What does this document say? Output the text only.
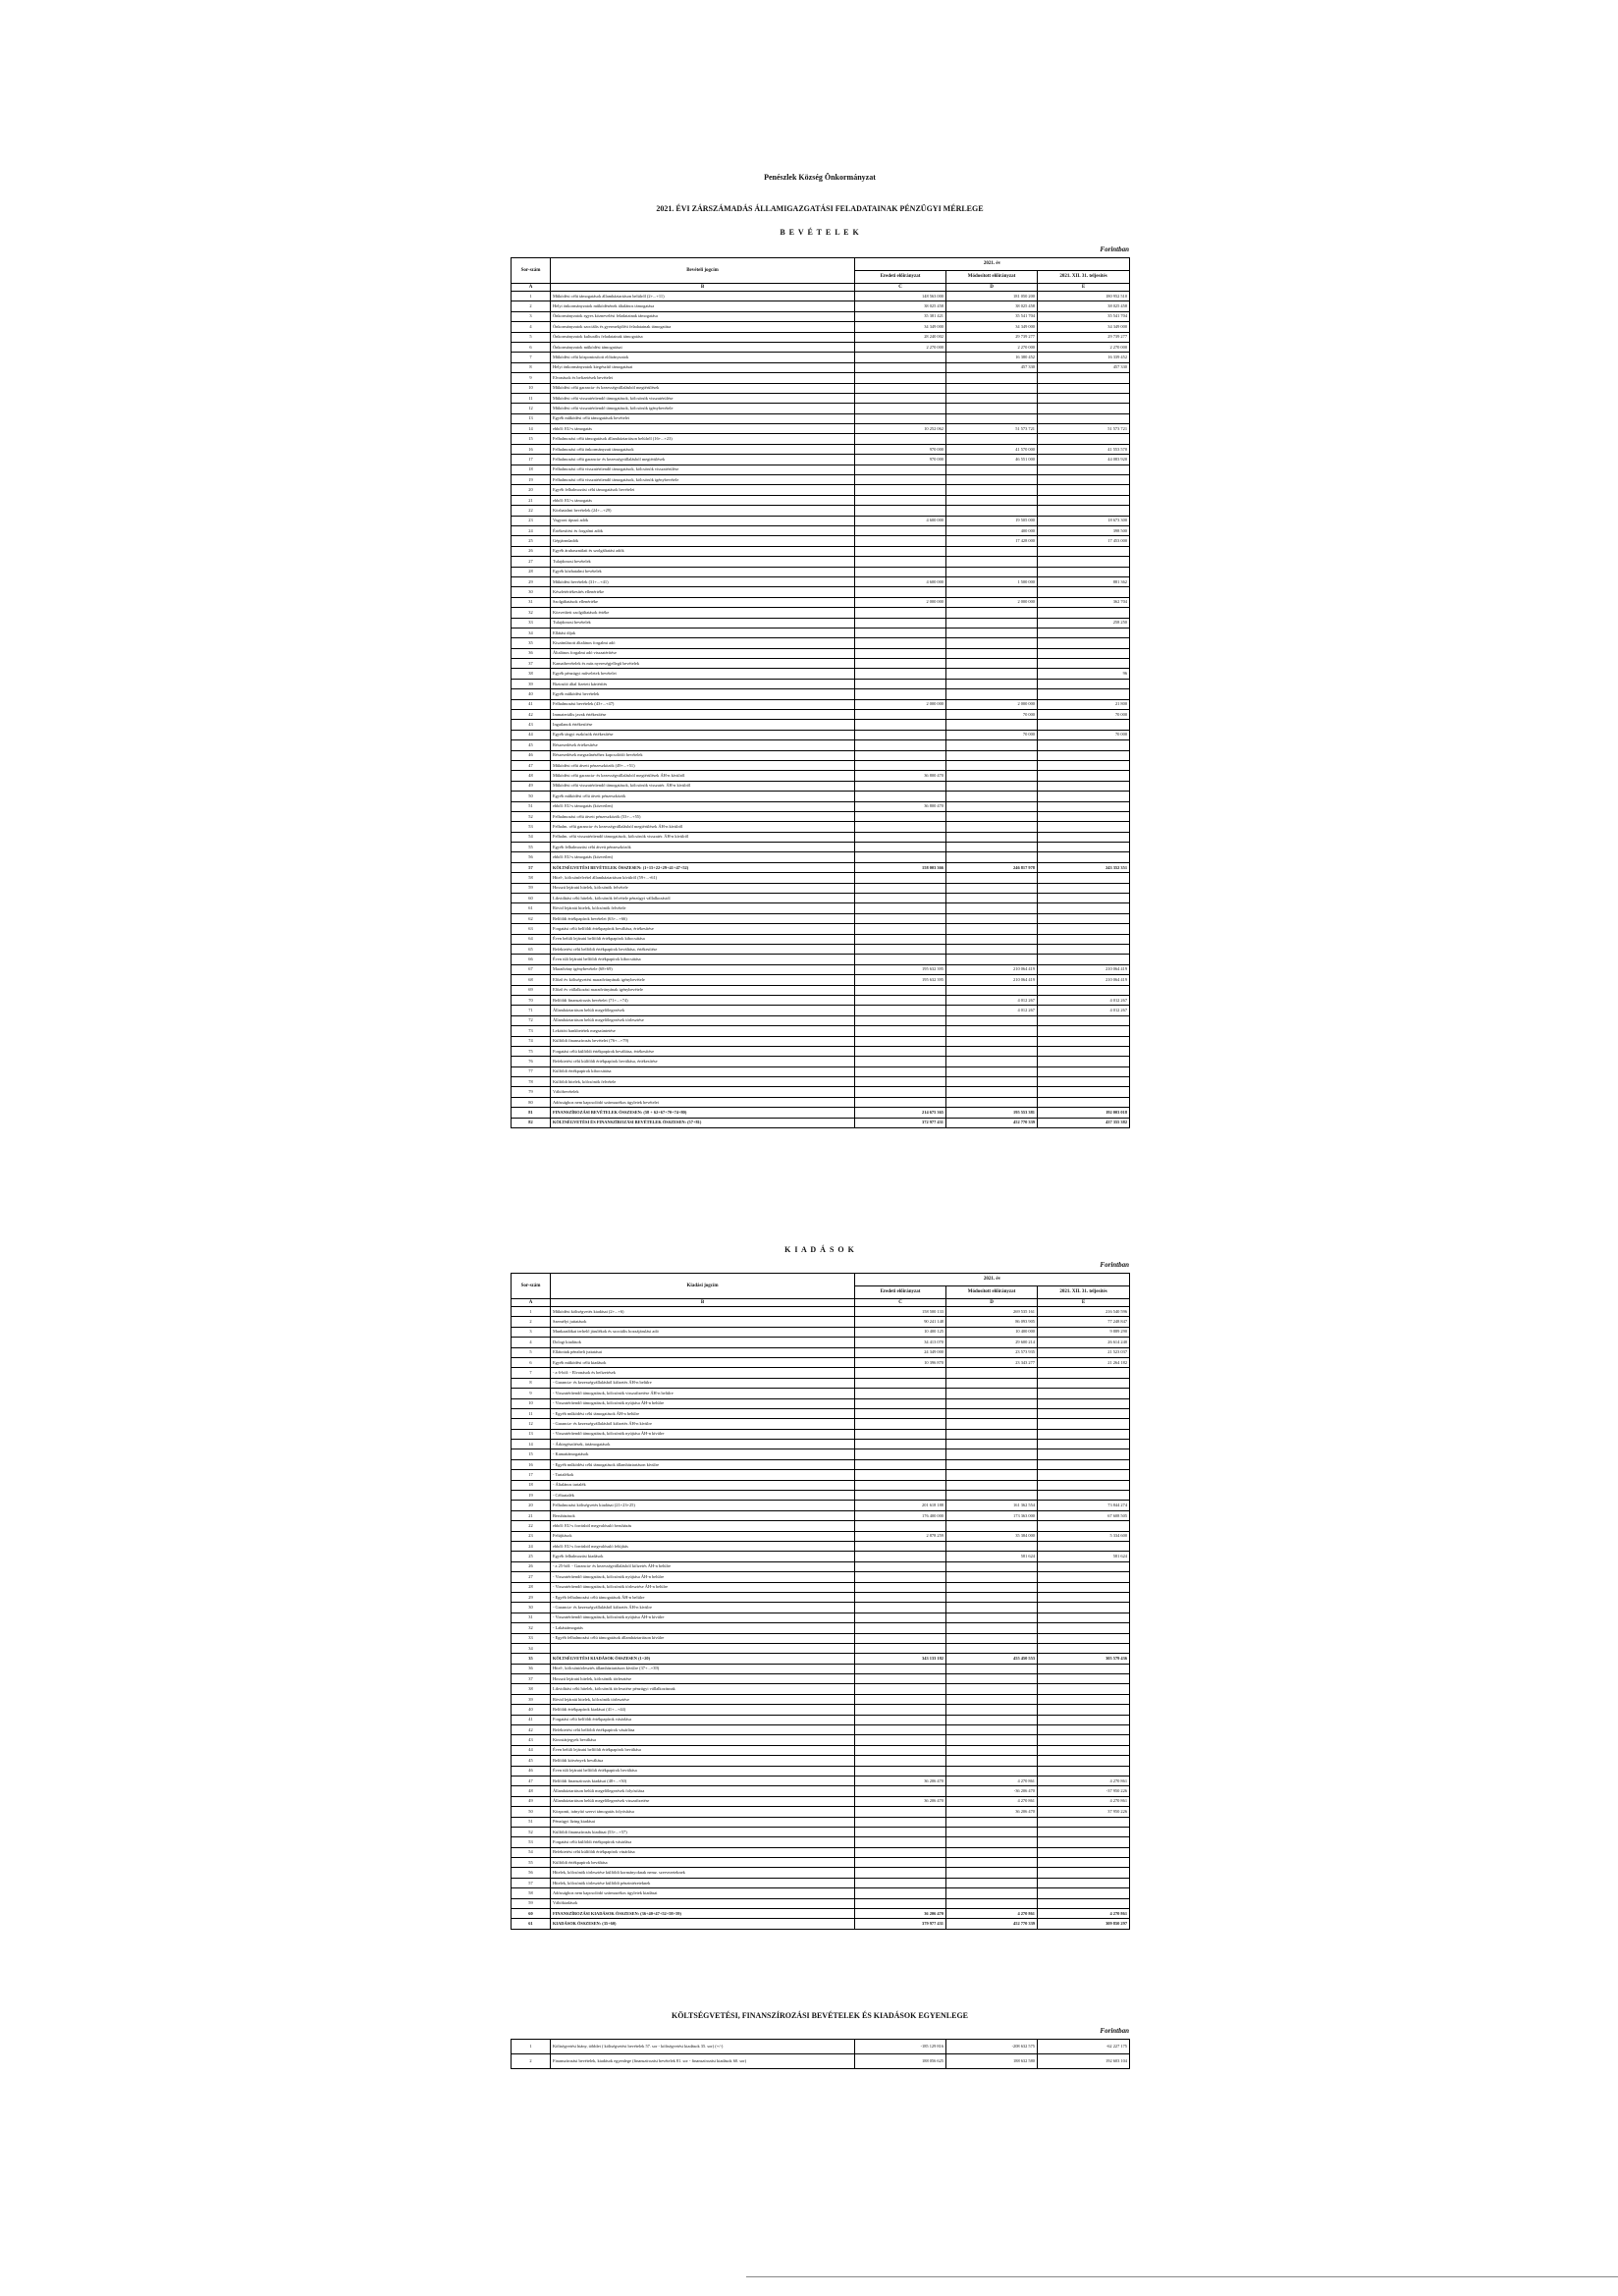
Penészlek Község Önkormányzat
2021. ÉVI ZÁRSZÁMADÁS ÁLLAMIGAZGATÁSI FELADATAINAK PÉNZÜGYI MÉRLEGE
B E V É T E L E K
Forintban
Sor-szám	Bevételi jogcím	2021. év		
		Eredeti előirányzat	Módosított előirányzat	2021. XII. 31. teljesítés
A	B	C	D	E
1	Működési célú támogatások államháztartáson belülről (2+...+11)	148 563 000	181 050 200	180 952 510
2	Helyi önkormányzatok működésének általános támogatása	38 025 458	38 025 458	38 025 458
3	Önkormányzatok egyes köznevelési feladatainak támogatása	35 381 421	35 541 704	35 541 704
4	Önkormányzatok szociális és gyermekjóléti feladatainak támogatása	34 349 000	34 349 000	34 349 000
5	Önkormányzatok kulturális feladatainak támogatása	28 240 002	29 739 277	29 739 277
6	Önkormányzatok működési támogatásai	2 270 000	2 270 000	2 270 000
7	Működési célú központosított előirányzatok		16 380 452	16 339 452
8	Helyi önkormányzatok kiegészítő támogatásai		457 330	457 330
9	Elvonások és befizetések bevételei			
10	Működési célú garancia- és kezességvállalásból megtérülések			
11	Működési célú visszatérítendő támogatások, kölcsönök visszatérülése			
12	Működési célú visszatérítendő támogatások, kölcsönök igénybevétele			
13	Egyéb működési célú támogatások bevételei			
14	ebből: EU-s támogatás	10 252 062	51 573 721	51 573 721
15	Felhalmozási célú támogatások államháztartáson belülről (16+...+23)			
16	Felhalmozási célú önkormányzati támogatások	970 000	41 570 000	41 553 570
17	Felhalmozási célú garancia- és kezességvállalásból megtérülések	970 000	46 551 000	44 083 920
18	Felhalmozási célú visszatérítendő támogatások, kölcsönök visszatérülése			
19	Felhalmozási célú visszatérítendő támogatások, kölcsönök igénybevétele			
20	Egyéb felhalmozási célú támogatások bevételei			
21	ebből: EU-s támogatás			
22	Közhatalmi bevételek (24+...+29)			
23	Vagyoni típusú adók	4 600 000	19 505 000	18 673 300
24	Értékesítési és forgalmi adók		400 000	398 500
25	Gépjárműadók		17 428 000	17 453 000
26	Egyéb áruhasználati és szolgáltatási adók			
27	Tulajdonosi bevételek			
28	Egyéb közhatalmi bevételek			
29	Működési bevételek (31+...+41)	4 600 000	1 500 000	881 362
30	Készletértékesítés ellenértéke			
31	Szolgáltatások ellenértéke	2 000 000	2 000 000	362 704
32	Közvetített szolgáltatások értéke			
33	Tulajdonosi bevételek			258 250
34	Ellátási díjak			
35	Kiszámlázott általános forgalmi adó			
36	Általános forgalmi adó visszatérítése			
37	Kamatbevételek és más nyereségjellegű bevételek			
38	Egyéb pénzügyi műveletek bevételei			96
39	Biztosító által fizetett kártérítés			
40	Egyéb működési bevételek			
41	Felhalmozási bevételek (43+...+47)	2 000 000	2 000 000	21 800
42	Immateriális javak értékesítése		70 000	70 000
43	Ingatlanok értékesítése			
44	Egyéb tárgyi eszközök értékesítése		70 000	70 000
45	Részesedések értékesítése			
46	Részesedések megszűnéséhez kapcsolódó bevételek			
47	Működési célú átvett pénzeszközök (49+...+51)			
48	Működési célú garancia- és kezességvállalásból megtérülések ÁH-n kívülről	36 800 470		
49	Működési célú visszatérítendő támogatások, kölcsönök visszatér. ÁH-n kívülről			
50	Egyéb működési célú átvett pénzeszközök			
51	ebből: EU-s támogatás (közvetlen)	36 800 470		
52	Felhalmozási célú átvett pénzeszközök (53+...+55)			
53	Felhalm. célú garancia- és kezességvállalásból megtérülések ÁH-n kívülről			
54	Felhalm. célú visszatérítendő támogatások, kölcsönök visszatér. ÁH-n kívülről			
55	Egyéb felhalmozási célú átvett pénzeszközök			
56	ebből: EU-s támogatás (közvetlen)			
57	KÖLTSÉGVETÉSI BEVÉTELEK ÖSSZESEN: (1+15+22+29+41+47+52)	158 003 366	246 817 978	243 352 351
58	Hitel-, kölcsönfelvétel államháztartáson kívülről (59+...+61)			
59	Hosszú lejáratú hitelek, kölcsönök felvétele			
60	Likviditási célú hitelek, kölcsönök felvétele pénzügyi vállalkozástól			
61	Rövid lejáratú hitelek, kölcsönök felvétele			
62	Belföldi értékpapírok bevételei (63+...+66)			
63	Forgatási célú belföldi értékpapírok beváltása, értékesítése			
64	Éven belüli lejáratú belföldi értékpapírok kibocsátása			
65	Befektetési célú belföldi értékpapírok beváltása, értékesítése			
66	Éven túli lejáratú belföldi értékpapírok kibocsátása			
67	Maradvány igénybevétele (68+69)	195 632 395	210 064 419	210 064 419
68	Előző év költségvetési maradványának igénybevétele	195 632 395	210 064 419	210 064 419
69	Előző év vállalkozási maradványának igénybevétele			
70	Belföldi finanszírozás bevételei (71+...+74)		4 012 267	4 012 267
71	Államháztartáson belüli megelőlegezések		4 012 267	4 012 267
72	Államháztartáson belüli megelőlegezések törlesztése			
73	Lekötött bankbetétek megszüntetése			
74	Külföldi finanszírozás bevételei (76+...+79)			
75	Forgatási célú külföldi értékpapírok beváltása, értékesítése			
76	Befektetési célú külföldi értékpapírok beváltása, értékesítése			
77	Külföldi értékpapírok kibocsátása			
78	Külföldi hitelek, kölcsönök felvétele			
79	Váltóbevételek			
80	Adóssághoz nem kapcsolódó származékos ügyletek bevételei			
81	FINANSZÍROZÁSI BEVÉTELEK ÖSSZESEN: (58 + 62+67+70+74+80)	214 675 365	195 553 381	192 003 018
82	KÖLTSÉGVETÉSI ÉS FINANSZÍROZÁSI BEVÉTELEK ÖSSZESEN: (57+81)	372 977 431	452 770 339	437 355 382
K I A D Á S O K
Forintban
Sor-szám	Kiadási jogcím	2021. év		
		Eredeti előirányzat	Módosított előirányzat	2021. XII. 31. teljesítés
A	B	C	D	E
1	Működési költségvetés kiadásai (2+...+6)	158 500 133	269 535 161	216 540 596
2	Személyi juttatások	90 241 148	86 093 905	77 248 847
3	Munkaadókat terhelő járulékok és szociális hozzájárulási adó	10 400 125	10 400 000	9 889 290
4	Dologi kiadások	34 413 070	29 600 214	26 614 240
5	Ellátottak pénzbeli juttatásai	24 349 000	23 573 935	21 523 037
6	Egyéb működési célú kiadások	10 396 870	23 343 277	21 264 182
7	- a 6-ból: - Elvonások és befizetések			
8	- Garancia- és kezességvállalásból kifizetés ÁH-n belülre			
9	- Visszatérítendő támogatások, kölcsönök visszafizetése ÁH-n belülre			
10	- Visszatérítendő támogatások, kölcsönök nyújtása ÁH-n belülre			
11	- Egyéb működési célú támogatások ÁH-n belülre			
12	- Garancia- és kezességvállalásból kifizetés ÁH-n kívülre			
13	- Visszatérítendő támogatások, kölcsönök nyújtása ÁH-n kívülre			
14	- Árkiegészítések, ártámogatások			
15	- Kamattámogatások			
16	- Egyéb működési célú támogatások államháztartáson kívülre			
17	- Tartalékok			
18	- Általános tartalék			
19	- Céltartalék			
20	Felhalmozási költségvetés kiadásai (21+23+25)	201 618 188	161 362 554	73 844 274
21	Beruházások	176 400 000	173 363 000	67 608 505
22	ebből: EU-s forrásból megvalósuló beruházás			
23	Felújítások	2 878 259	35 384 000	5 334 600
24	ebből: EU-s forrásból megvalósuló felújítás			
25	Egyéb felhalmozási kiadások		581 624	581 624
26	- a 25-ből: - Garancia- és kezességvállalásból kifizetés ÁH-n belülre			
27	- Visszatérítendő támogatások, kölcsönök nyújtása ÁH-n belülre			
28	- Visszatérítendő támogatások, kölcsönök törlesztése ÁH-n belülre			
29	- Egyéb felhalmozási célú támogatások ÁH-n belülre			
30	- Garancia- és kezességvállalásból kifizetés ÁH-n kívülre			
31	- Visszatérítendő támogatások, kölcsönök nyújtása ÁH-n kívülre			
32	- Lakástámogatás			
33	- Egyéb felhalmozási célú támogatások államháztartáson kívülre			
34				
35	KÖLTSÉGVETÉSI KIADÁSOK ÖSSZESEN (1+20)	343 133 182	455 450 553	305 579 436
36	Hitel-, kölcsöntörlesztés államháztartáson kívülre (37+...+39)			
37	Hosszú lejáratú hitelek, kölcsönök törlesztése			
38	Likviditási célú hitelek, kölcsönök törlesztése pénzügyi vállalkozásnak			
39	Rövid lejáratú hitelek, kölcsönök törlesztése			
40	Belföldi értékpapírok kiadásai (41+...+44)			
41	Forgatási célú belföldi értékpapírok vásárlása			
42	Befektetési célú belföldi értékpapírok vásárlása			
43	Kincstárjegyek beváltása			
44	Éven belüli lejáratú belföldi értékpapírok beváltása			
45	Belföldi kötvények beváltása			
46	Éven túli lejáratú belföldi értékpapírok beváltása			
47	Belföldi finanszírozás kiadásai (48+...+50)	36 206 470	4 270 861	4 270 861
48	Államháztartáson belüli megelőlegezések folyósítása		-36 206 470	-37 950 226
49	Államháztartáson belüli megelőlegezések visszafizetése	36 206 470	4 270 861	4 270 861
50	Központi, irányító szervi támogatás folyósítása		36 206 470	37 950 226
51	Pénzügyi lízing kiadásai			
52	Külföldi finanszírozás kiadásai (53+...+57)			
53	Forgatási célú külföldi értékpapírok vásárlása			
54	Befektetési célú külföldi értékpapírok vásárlása			
55	Külföldi értékpapírok beváltása			
56	Hitelek, kölcsönök törlesztése külföldi kormányoknak nemz. szervezeteknek			
57	Hitelek, kölcsönök törlesztése külföldi pénzintézeteknek			
58	Adóssághoz nem kapcsolódó származékos ügyletek kiadásai			
59	Váltókiadások			
60	FINANSZÍROZÁSI KIADÁSOK ÖSSZESEN: (36+40+47+52+58+59)	36 206 470	4 270 861	4 270 861
61	KIADÁSOK ÖSSZESEN: (35+60)	379 977 431	452 770 339	309 850 297
KÖLTSÉGVETÉSI, FINANSZÍROZÁSI BEVÉTELEK ÉS KIADÁSOK EGYENLEGE
Forintban
1	Költségvetési hiány, többlet ( költségvetési bevételek 57. sor - költségvetési kiadások 35. sor) (+/-)	-185 129 816	-208 632 575	-62 227 175
2	Finanszírozási bevételek, kiadások egyenlege (finanszírozási bevételek 81. sor - finanszírozási kiadások 60. sor)	188 056 625	188 632 580	192 603 104
